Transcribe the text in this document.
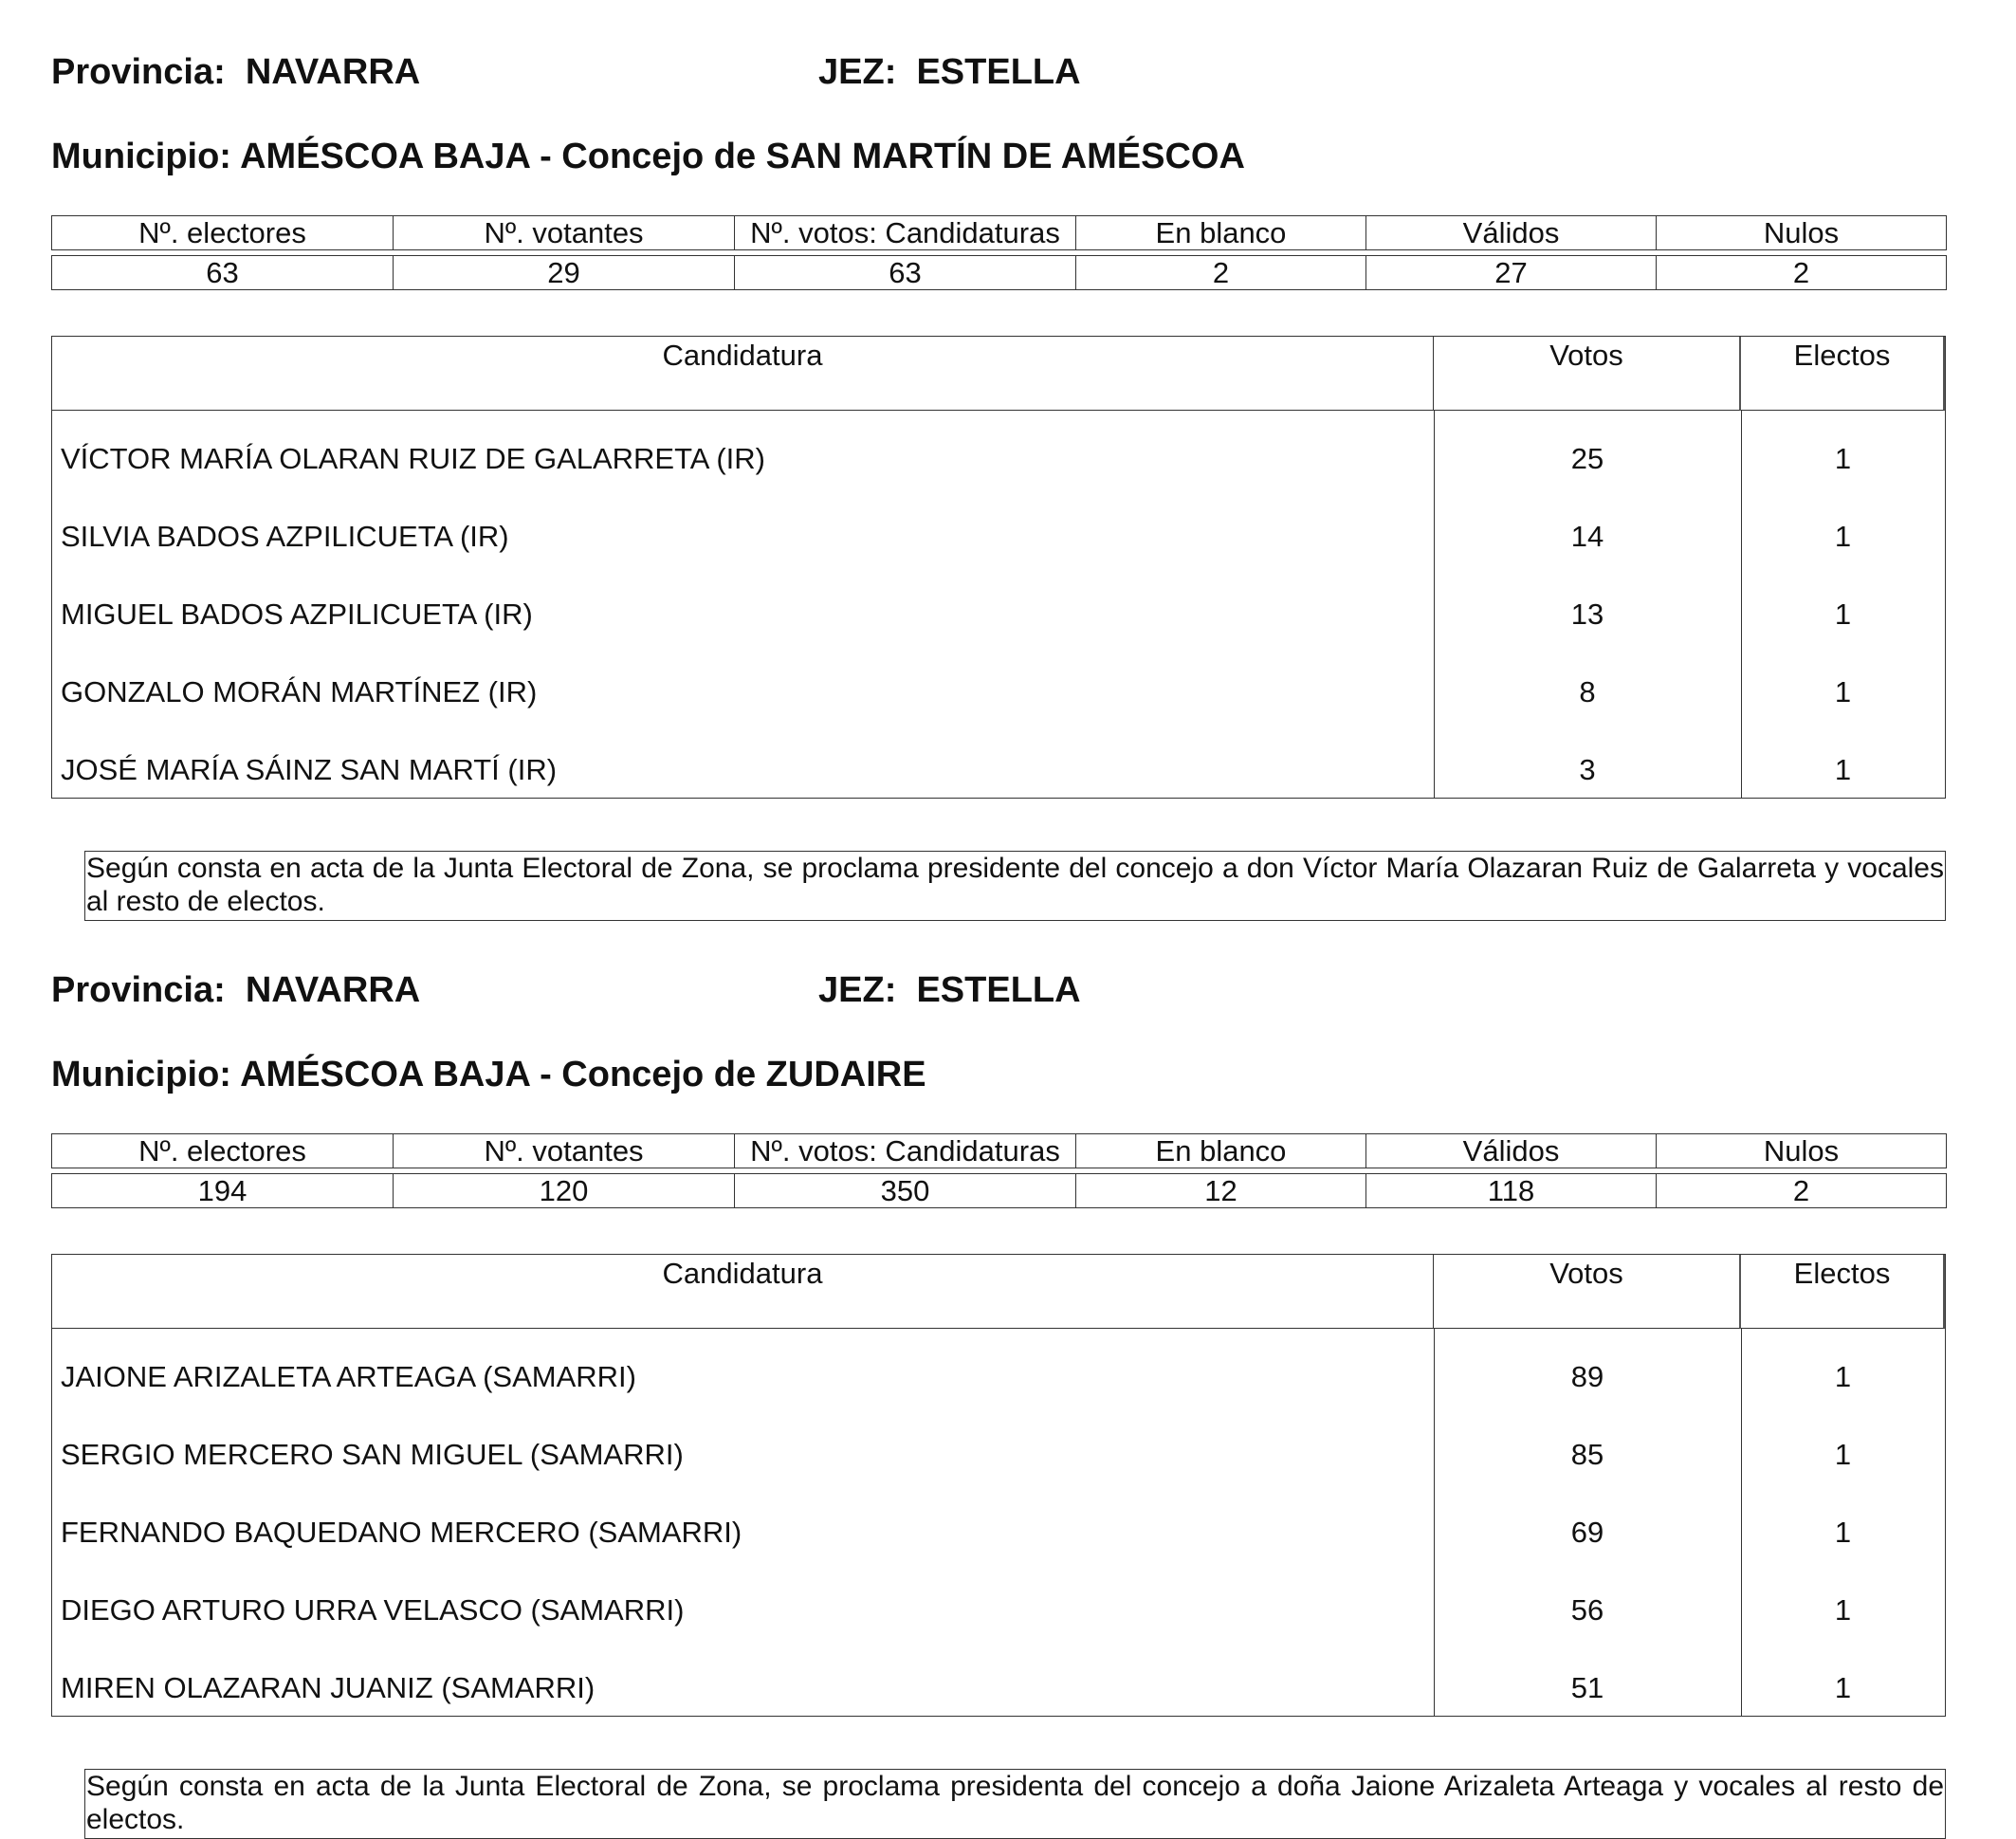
Provincia:  NAVARRA	JEZ:  ESTELLA
Municipio: AMÉSCOA BAJA - Concejo de SAN MARTÍN DE AMÉSCOA
Nº. electores	Nº. votantes	Nº. votos: Candidaturas	En blanco	Válidos	Nulos
63	29	63	2	27	2
Candidatura	Votos	Electos
VÍCTOR MARÍA OLARAN RUIZ DE GALARRETA (IR)	25	1
SILVIA BADOS AZPILICUETA (IR)	14	1
MIGUEL BADOS AZPILICUETA (IR)	13	1
GONZALO MORÁN MARTÍNEZ (IR)	8	1
JOSÉ MARÍA SÁINZ SAN MARTÍ (IR)	3	1
Según consta en acta de la Junta Electoral de Zona, se proclama presidente del concejo a don Víctor María Olazaran Ruiz de Galarreta y vocales al resto de electos.
Provincia:  NAVARRA	JEZ:  ESTELLA
Municipio: AMÉSCOA BAJA - Concejo de ZUDAIRE
Nº. electores	Nº. votantes	Nº. votos: Candidaturas	En blanco	Válidos	Nulos
194	120	350	12	118	2
Candidatura	Votos	Electos
JAIONE ARIZALETA ARTEAGA (SAMARRI)	89	1
SERGIO MERCERO SAN MIGUEL (SAMARRI)	85	1
FERNANDO BAQUEDANO MERCERO (SAMARRI)	69	1
DIEGO ARTURO URRA VELASCO (SAMARRI)	56	1
MIREN OLAZARAN JUANIZ (SAMARRI)	51	1
Según consta en acta de la Junta Electoral de Zona, se proclama presidenta del concejo a doña Jaione Arizaleta Arteaga y vocales al resto de electos.
